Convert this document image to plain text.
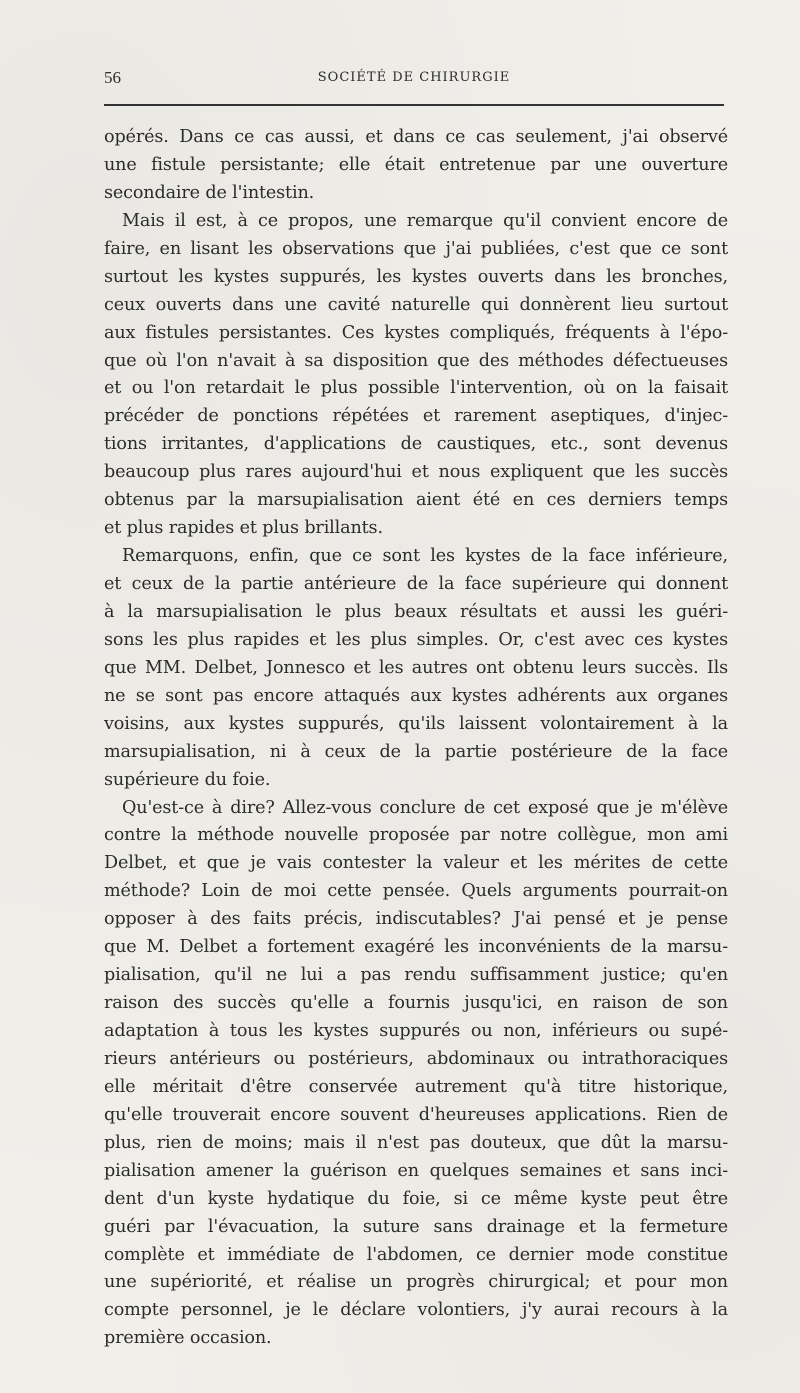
56	SOCIÉTÉ DE CHIRURGIE
opérés. Dans ce cas aussi, et dans ce cas seulement, j'ai observé
une fistule persistante; elle était entretenue par une ouverture
secondaire de l'intestin.
Mais il est, à ce propos, une remarque qu'il convient encore de
faire, en lisant les observations que j'ai publiées, c'est que ce sont
surtout les kystes suppurés, les kystes ouverts dans les bronches,
ceux ouverts dans une cavité naturelle qui donnèrent lieu surtout
aux fistules persistantes. Ces kystes compliqués, fréquents à l'épo-
que où l'on n'avait à sa disposition que des méthodes défectueuses
et ou l'on retardait le plus possible l'intervention, où on la faisait
précéder de ponctions répétées et rarement aseptiques, d'injec-
tions irritantes, d'applications de caustiques, etc., sont devenus
beaucoup plus rares aujourd'hui et nous expliquent que les succès
obtenus par la marsupialisation aient été en ces derniers temps
et plus rapides et plus brillants.
Remarquons, enfin, que ce sont les kystes de la face inférieure,
et ceux de la partie antérieure de la face supérieure qui donnent
à la marsupialisation le plus beaux résultats et aussi les guéri-
sons les plus rapides et les plus simples. Or, c'est avec ces kystes
que MM. Delbet, Jonnesco et les autres ont obtenu leurs succès. Ils
ne se sont pas encore attaqués aux kystes adhérents aux organes
voisins, aux kystes suppurés, qu'ils laissent volontairement à la
marsupialisation, ni à ceux de la partie postérieure de la face
supérieure du foie.
Qu'est-ce à dire? Allez-vous conclure de cet exposé que je m'élève
contre la méthode nouvelle proposée par notre collègue, mon ami
Delbet, et que je vais contester la valeur et les mérites de cette
méthode? Loin de moi cette pensée. Quels arguments pourrait-on
opposer à des faits précis, indiscutables? J'ai pensé et je pense
que M. Delbet a fortement exagéré les inconvénients de la marsu-
pialisation, qu'il ne lui a pas rendu suffisamment justice; qu'en
raison des succès qu'elle a fournis jusqu'ici, en raison de son
adaptation à tous les kystes suppurés ou non, inférieurs ou supé-
rieurs antérieurs ou postérieurs, abdominaux ou intrathoraciques
elle méritait d'être conservée autrement qu'à titre historique,
qu'elle trouverait encore souvent d'heureuses applications. Rien de
plus, rien de moins; mais il n'est pas douteux, que dût la marsu-
pialisation amener la guérison en quelques semaines et sans inci-
dent d'un kyste hydatique du foie, si ce même kyste peut être
guéri par l'évacuation, la suture sans drainage et la fermeture
complète et immédiate de l'abdomen, ce dernier mode constitue
une supériorité, et réalise un progrès chirurgical; et pour mon
compte personnel, je le déclare volontiers, j'y aurai recours à la
première occasion.
